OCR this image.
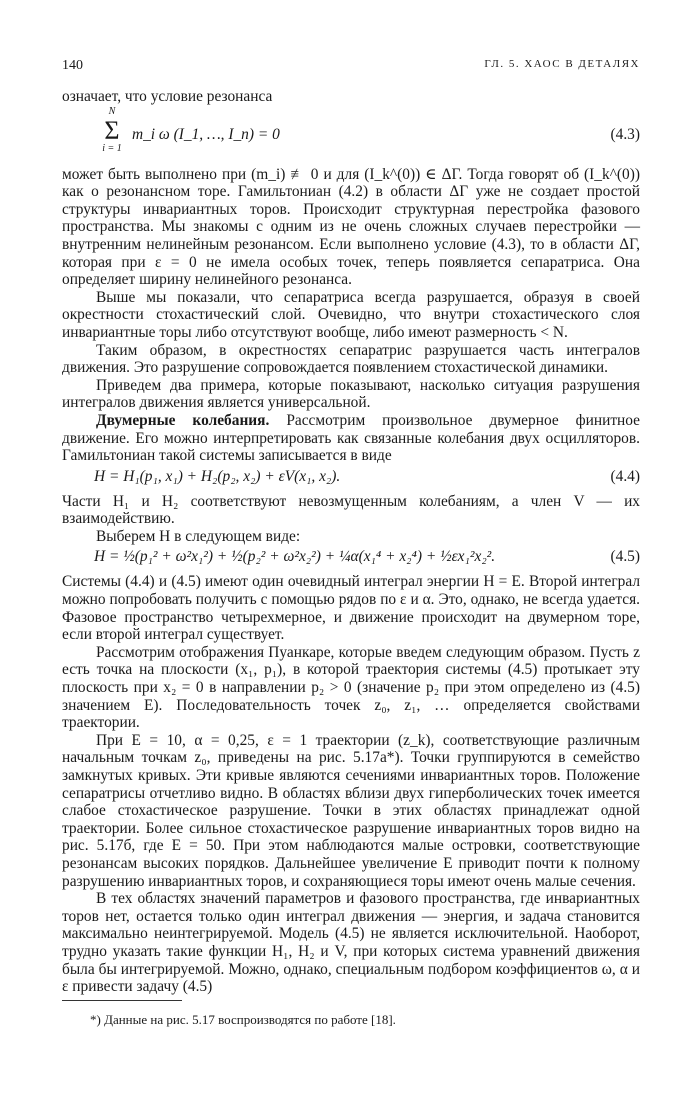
140	ГЛ. 5. ХАОС В ДЕТАЛЯХ

означает, что условие резонанса

N
Σ
i = 1
m_i ω (I_1, …, I_n) = 0	(4.3)

может быть выполнено при (m_i) ≢ 0 и для (I_k^(0)) ∈ ΔΓ. Тогда говорят об (I_k^(0)) как о резонансном торе. Гамильтониан (4.2) в области ΔΓ уже не создает простой структуры инвариантных торов. Происходит структурная перестройка фазового пространства. Мы знакомы с одним из не очень сложных случаев перестройки — внутренним нелинейным резонансом. Если выполнено условие (4.3), то в области ΔΓ, которая при ε = 0 не имела особых точек, теперь появляется сепаратриса. Она определяет ширину нелинейного резонанса.

Выше мы показали, что сепаратриса всегда разрушается, образуя в своей окрестности стохастический слой. Очевидно, что внутри стохастического слоя инвариантные торы либо отсутствуют вообще, либо имеют размерность < N.

Таким образом, в окрестностях сепаратрис разрушается часть интегралов движения. Это разрушение сопровождается появлением стохастической динамики.

Приведем два примера, которые показывают, насколько ситуация разрушения интегралов движения является универсальной.

Двумерные колебания. Рассмотрим произвольное двумерное финитное движение. Его можно интерпретировать как связанные колебания двух осцилляторов. Гамильтониан такой системы записывается в виде

H = H₁(p₁, x₁) + H₂(p₂, x₂) + εV(x₁, x₂).	(4.4)

Части H₁ и H₂ соответствуют невозмущенным колебаниям, а член V — их взаимодействию.

Выберем H в следующем виде:

H = ½(p₁² + ω²x₁²) + ½(p₂² + ω²x₂²) + ¼α(x₁⁴ + x₂⁴) + ½εx₁²x₂².	(4.5)

Системы (4.4) и (4.5) имеют один очевидный интеграл энергии H = E. Второй интеграл можно попробовать получить с помощью рядов по ε и α. Это, однако, не всегда удается. Фазовое пространство четырехмерное, и движение происходит на двумерном торе, если второй интеграл существует.

Рассмотрим отображения Пуанкаре, которые введем следующим образом. Пусть z есть точка на плоскости (x₁, p₁), в которой траектория системы (4.5) протыкает эту плоскость при x₂ = 0 в направлении p₂ > 0 (значение p₂ при этом определено из (4.5) значением E). Последовательность точек z₀, z₁, … определяется свойствами траектории.

При E = 10, α = 0,25, ε = 1 траектории (z_k), соответствующие различным начальным точкам z₀, приведены на рис. 5.17а*). Точки группируются в семейство замкнутых кривых. Эти кривые являются сечениями инвариантных торов. Положение сепаратрисы отчетливо видно. В областях вблизи двух гиперболических точек имеется слабое стохастическое разрушение. Точки в этих областях принадлежат одной траектории. Более сильное стохастическое разрушение инвариантных торов видно на рис. 5.17б, где E = 50. При этом наблюдаются малые островки, соответствующие резонансам высоких порядков. Дальнейшее увеличение E приводит почти к полному разрушению инвариантных торов, и сохраняющиеся торы имеют очень малые сечения.

В тех областях значений параметров и фазового пространства, где инвариантных торов нет, остается только один интеграл движения — энергия, и задача становится максимально неинтегрируемой. Модель (4.5) не является исключительной. Наоборот, трудно указать такие функции H₁, H₂ и V, при которых система уравнений движения была бы интегрируемой. Можно, однако, специальным подбором коэффициентов ω, α и ε привести задачу (4.5)

*) Данные на рис. 5.17 воспроизводятся по работе [18].
